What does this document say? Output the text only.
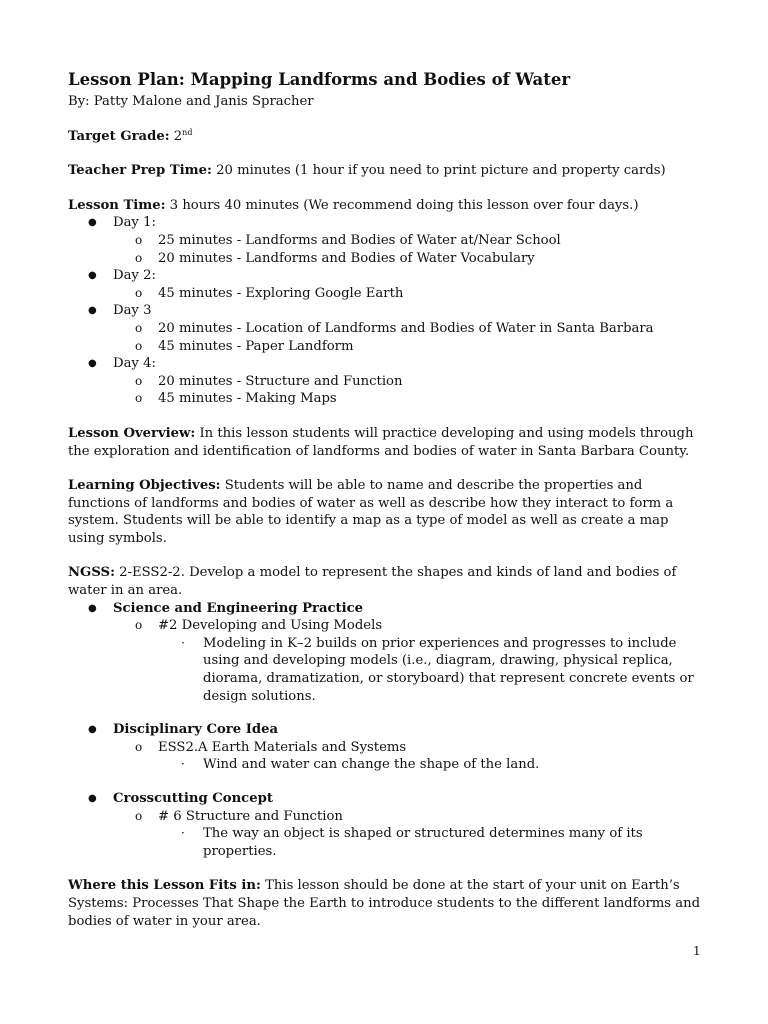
Lesson Plan: Mapping Landforms and Bodies of Water

By: Patty Malone and Janis Spracher

Target Grade: 2nd

Teacher Prep Time: 20 minutes (1 hour if you need to print picture and property cards)

Lesson Time: 3 hours 40 minutes (We recommend doing this lesson over four days.)

● Day 1:
o 25 minutes - Landforms and Bodies of Water at/Near School
o 20 minutes - Landforms and Bodies of Water Vocabulary
● Day 2:
o 45 minutes - Exploring Google Earth
● Day 3
o 20 minutes - Location of Landforms and Bodies of Water in Santa Barbara
o 45 minutes - Paper Landform
● Day 4:
o 20 minutes - Structure and Function
o 45 minutes - Making Maps

Lesson Overview: In this lesson students will practice developing and using models through the exploration and identification of landforms and bodies of water in Santa Barbara County.

Learning Objectives: Students will be able to name and describe the properties and functions of landforms and bodies of water as well as describe how they interact to form a system. Students will be able to identify a map as a type of model as well as create a map using symbols.

NGSS: 2-ESS2-2. Develop a model to represent the shapes and kinds of land and bodies of water in an area.

● Science and Engineering Practice
o #2 Developing and Using Models
· Modeling in K–2 builds on prior experiences and progresses to include using and developing models (i.e., diagram, drawing, physical replica, diorama, dramatization, or storyboard) that represent concrete events or design solutions.
● Disciplinary Core Idea
o ESS2.A Earth Materials and Systems
· Wind and water can change the shape of the land.
● Crosscutting Concept
o # 6 Structure and Function
· The way an object is shaped or structured determines many of its properties.

Where this Lesson Fits in: This lesson should be done at the start of your unit on Earth’s Systems: Processes That Shape the Earth to introduce students to the different landforms and bodies of water in your area.

1
